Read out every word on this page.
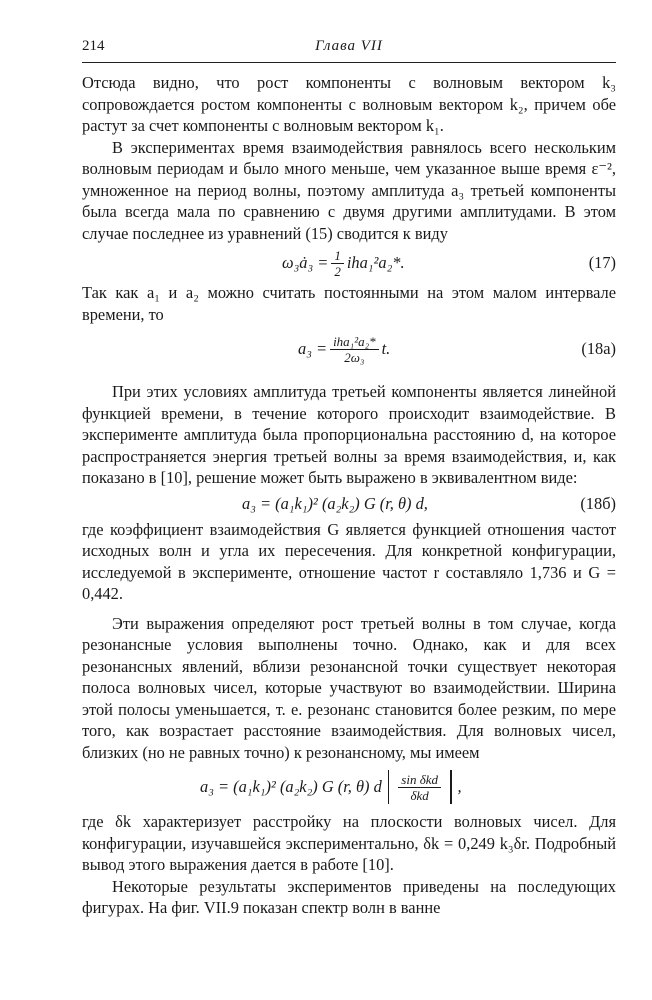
214	Глава VII

Отсюда видно, что рост компоненты с волновым вектором k₃ сопровождается ростом компоненты с волновым вектором k₂, причем обе растут за счет компоненты с волновым вектором k₁.

В экспериментах время взаимодействия равнялось всего нескольким волновым периодам и было много меньше, чем указанное выше время ε⁻², умноженное на период волны, поэтому амплитуда a₃ третьей компоненты была всегда мала по сравнению с двумя другими амплитудами. В этом случае последнее из уравнений (15) сводится к виду

ω₃ȧ₃ = $\frac{1}{2} iha_1^2a_2*$.	(17)

Так как a₁ и a₂ можно считать постоянными на этом малом интервале времени, то

$a_3 = \frac{\text{iha₁²a₂*}}{\text{2ω₃}} t$.	(18а)

При этих условиях амплитуда третьей компоненты является линейной функцией времени, в течение которого происходит взаимодействие. В эксперименте амплитуда была пропорциональна расстоянию d, на которое распространяется энергия третьей волны за время взаимодействия, и, как показано в [10], решение может быть выражено в эквивалентном виде:

a₃ = (a₁k₁)² (a₂k₂) G (r, θ) d,	(18б)

где коэффициент взаимодействия G является функцией отношения частот исходных волн и угла их пересечения. Для конкретной конфигурации, исследуемой в эксперименте, отношение частот r составляло 1,736 и G = 0,442.

Эти выражения определяют рост третьей волны в том случае, когда резонансные условия выполнены точно. Однако, как и для всех резонансных явлений, вблизи резонансной точки существует некоторая полоса волновых чисел, которые участвуют во взаимодействии. Ширина этой полосы уменьшается, т. е. резонанс становится более резким, по мере того, как возрастает расстояние взаимодействия. Для волновых чисел, близких (но не равных точно) к резонансному, мы имеем

a₃ = (a₁k₁)² (a₂k₂) G (r, θ) d $\frac{\text{sin δkd}}{\text{δkd}}$ ,

где δk характеризует расстройку на плоскости волновых чисел. Для конфигурации, изучавшейся экспериментально, δk = 0,249 k₃δr. Подробный вывод этого выражения дается в работе [10].

Некоторые результаты экспериментов приведены на последующих фигурах. На фиг. VII.9 показан спектр волн в ванне
